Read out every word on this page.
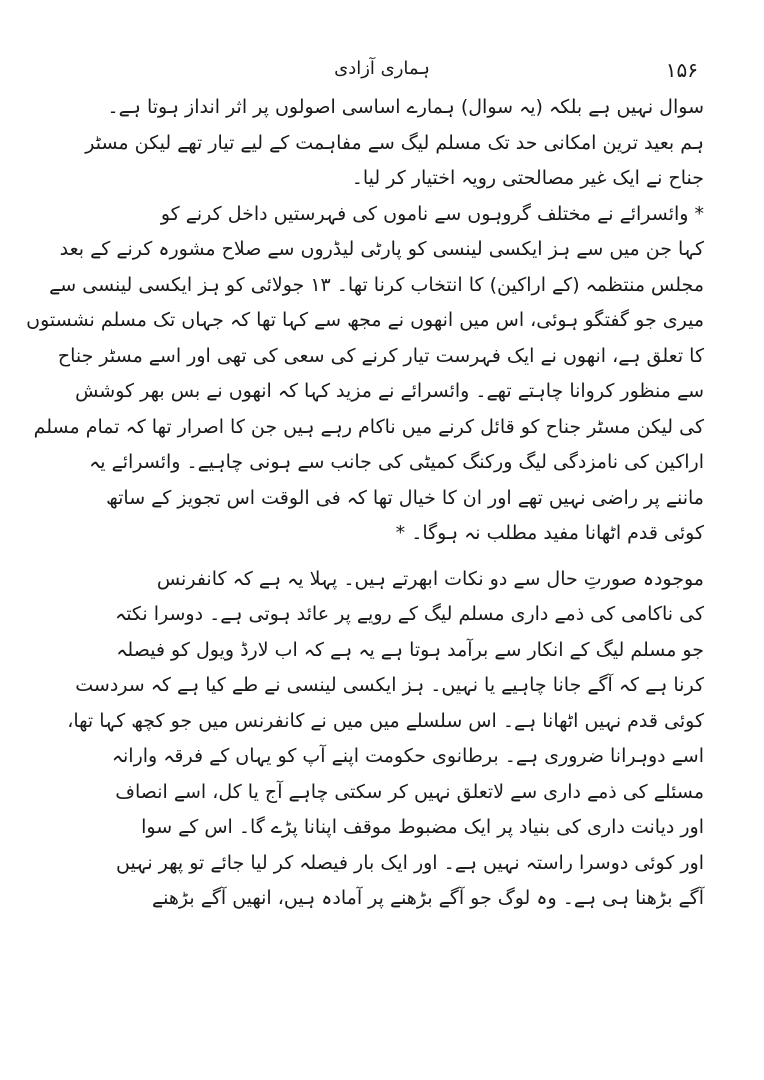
۱۵۶
ہماری آزادی
سوال نہیں ہے بلکہ (یہ سوال) ہمارے اساسی اصولوں پر اثر انداز ہوتا ہے۔
ہم بعید ترین امکانی حد تک مسلم لیگ سے مفاہمت کے لیے تیار تھے لیکن مسٹر
جناح نے ایک غیر مصالحتی رویہ اختیار کر لیا۔
* وائسرائے نے مختلف گروہوں سے ناموں کی فہرستیں داخل کرنے کو
کہا جن میں سے ہز ایکسی لینسی کو پارٹی لیڈروں سے صلاح مشورہ کرنے کے بعد
مجلس منتظمہ (کے اراکین) کا انتخاب کرنا تھا۔ ۱۳ جولائی کو ہز ایکسی لینسی سے
میری جو گفتگو ہوئی، اس میں انھوں نے مجھ سے کہا تھا کہ جہاں تک مسلم نشستوں
کا تعلق ہے، انھوں نے ایک فہرست تیار کرنے کی سعی کی تھی اور اسے مسٹر جناح
سے منظور کروانا چاہتے تھے۔ وائسرائے نے مزید کہا کہ انھوں نے بس بھر کوشش
کی لیکن مسٹر جناح کو قائل کرنے میں ناکام رہے ہیں جن کا اصرار تھا کہ تمام مسلم
اراکین کی نامزدگی لیگ ورکنگ کمیٹی کی جانب سے ہونی چاہیے۔ وائسرائے یہ
ماننے پر راضی نہیں تھے اور ان کا خیال تھا کہ فی الوقت اس تجویز کے ساتھ
کوئی قدم اٹھانا مفید مطلب نہ ہوگا۔ *
موجودہ صورتِ حال سے دو نکات ابھرتے ہیں۔ پہلا یہ ہے کہ کانفرنس
کی ناکامی کی ذمے داری مسلم لیگ کے رویے پر عائد ہوتی ہے۔ دوسرا نکتہ
جو مسلم لیگ کے انکار سے برآمد ہوتا ہے یہ ہے کہ اب لارڈ ویول کو فیصلہ
کرنا ہے کہ آگے جانا چاہیے یا نہیں۔ ہز ایکسی لینسی نے طے کیا ہے کہ سردست
کوئی قدم نہیں اٹھانا ہے۔ اس سلسلے میں میں نے کانفرنس میں جو کچھ کہا تھا،
اسے دوہرانا ضروری ہے۔ برطانوی حکومت اپنے آپ کو یہاں کے فرقہ وارانہ
مسئلے کی ذمے داری سے لاتعلق نہیں کر سکتی چاہے آج یا کل، اسے انصاف
اور دیانت داری کی بنیاد پر ایک مضبوط موقف اپنانا پڑے گا۔ اس کے سوا
اور کوئی دوسرا راستہ نہیں ہے۔ اور ایک بار فیصلہ کر لیا جائے تو پھر نہیں
آگے بڑھنا ہی ہے۔ وہ لوگ جو آگے بڑھنے پر آمادہ ہیں، انھیں آگے بڑھنے
